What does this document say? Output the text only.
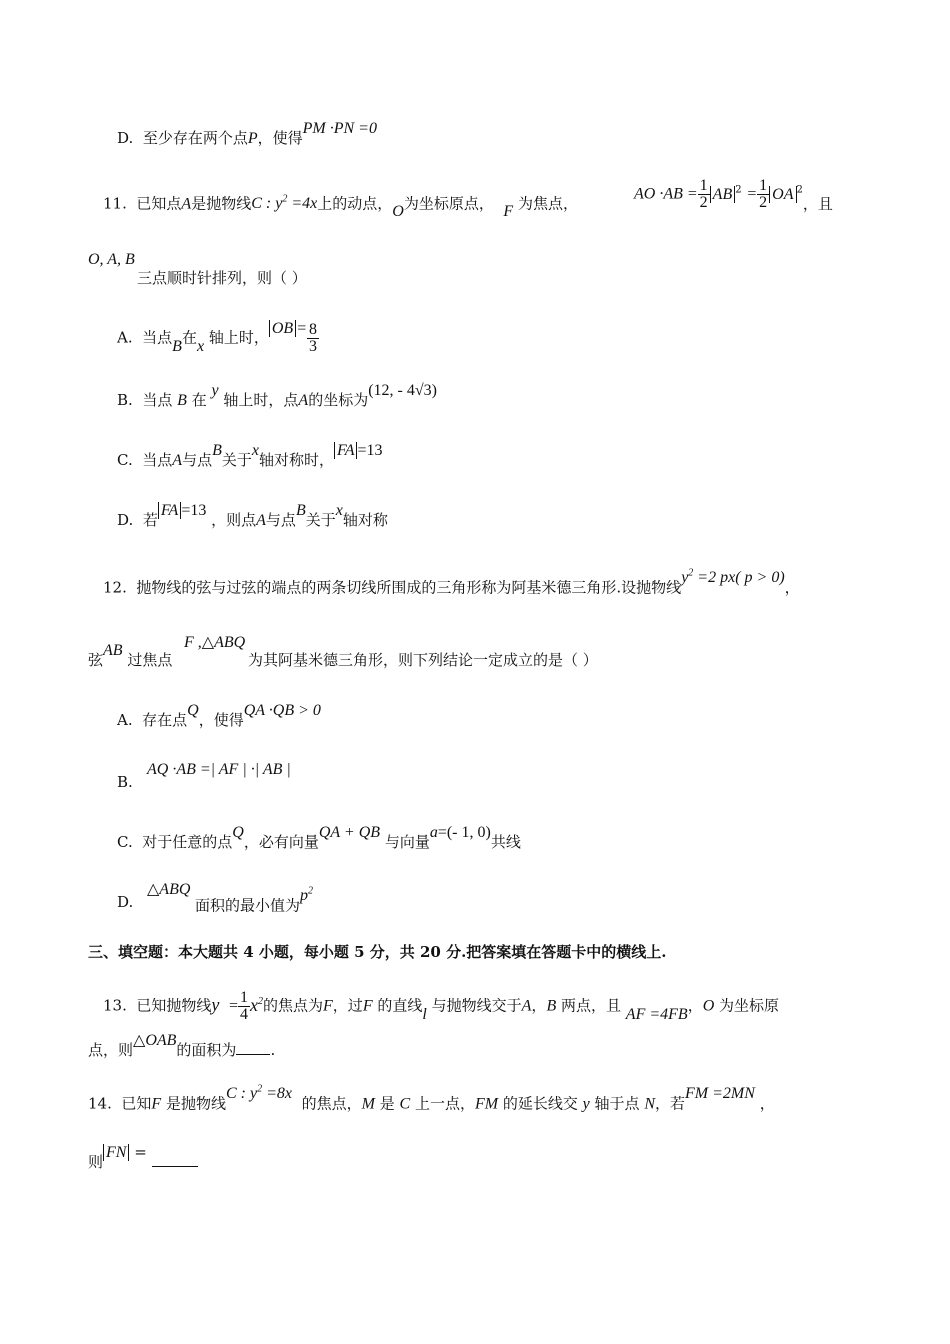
D. 至少存在两个点P，使得PM ·PN =0
11. 已知点A是抛物线C : $y^2 =4x$上的动点，O为坐标原点， F 为焦点，
AO $\cdot AB = \frac{1}{2}$ AB $^2 = \frac{1}{2}$ OA $^2$，且
O, A, B
三点顺时针排列，则（ ）
A. 当点B在x 轴上时，OB = $\frac{8}{3}$
B. 当点 B 在 y 轴上时，点A的坐标为(12, - 4√3)
C. 当点A与点B关于x轴对称时，FA =13
D. 若FA =13 ，则点A与点B关于x轴对称
12. 抛物线的弦与过弦的端点的两条切线所围成的三角形称为阿基米德三角形.设抛物线$y^2 =2$ px( p > 0)，
弦AB 过焦点
F ,△ABQ
为其阿基米德三角形，则下列结论一定成立的是（ ）
A. 存在点Q，使得QA ·QB > 0
B.
AQ ·AB =| AF | ·| AB |
C. 对于任意的点Q，必有向量QA + QB 与向量a=(- 1, 0)共线
D.
△ABQ
面积的最小值为$p^2$
三、填空题：本大题共 4 小题，每小题 5 分，共 20 分.把答案填在答题卡中的横线上.
13. 已知抛物线$y = \frac{1}{4} x^2$的焦点为F，过F 的直线l 与抛物线交于A，B 两点，且 AF =4FB，O 为坐标原
点，则△OAB的面积为 .
14. 已知F 是抛物线C : $y^2 =8x$  的焦点，M 是 C 上一点，FM 的延长线交 y 轴于点 N，若FM =2MN ，
则FN =
